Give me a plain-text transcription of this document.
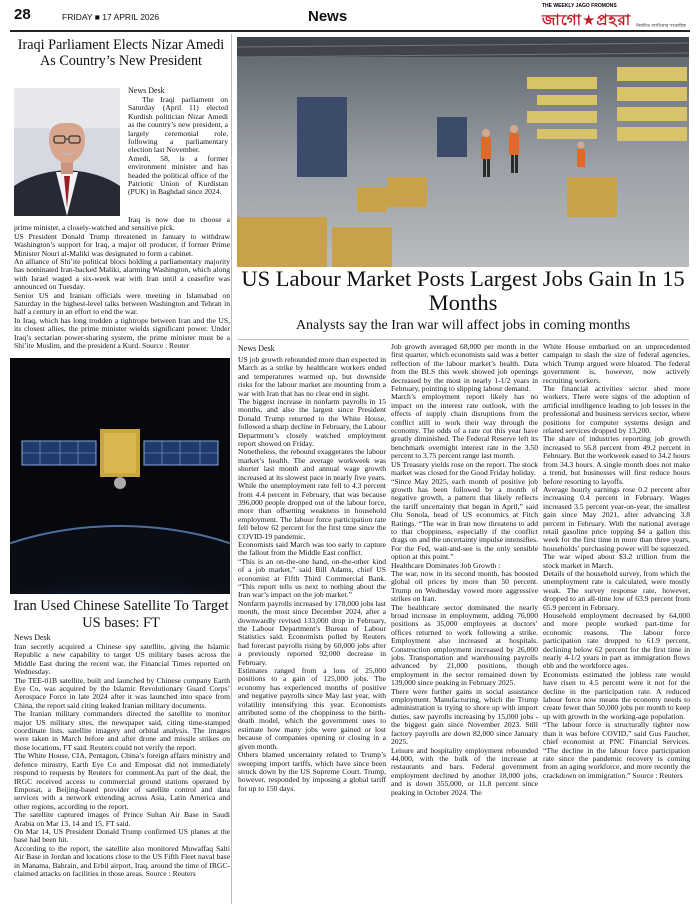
28	FRIDAY ■ 17 APRIL 2026	News
THE WEEKLY JAGO FROMONS
জাগো★প্রহরা নিয়মিত জাতিয়ার সাপ্তাহিক
Iraqi Parliament Elects Nizar Amedi As Country’s New President
News Desk

The Iraqi parliament on Saturday (April 11) elected Kurdish politician Nizar Amedi as the country’s new president, a largely ceremonial role, following a parliamentary election last November.

Amedi, 58, is a former environment minister and has headed the political office of the Patriotic Union of Kurdistan (PUK) in Baghdad since 2024.

Iraq is now due to choose a prime minister, a closely-watched and sensitive pick.

US President Donald Trump threatened in January to withdraw Washington’s support for Iraq, a major oil producer, if former Prime Minister Nouri al-Maliki was designated to form a cabinet.

An alliance of Shi’ite political blocs holding a parliamentary majority has nominated Iran-backed Maliki, alarming Washington, which along with Israel waged a six-week war with Iran until a ceasefire was announced on Tuesday.

Senior US and Iranian officials were meeting in Islamabad on Saturday in the highest-level talks between Washington and Tehran in half a century in an effort to end the war.

In Iraq, which has long trodden a tightrope between Iran and the US, its closest allies, the prime minister wields significant power. Under Iraq’s sectarian power-sharing system, the prime minister must be a Shi’ite Muslim, and the president a Kurd. Source : Reuter

Iran Used Chinese Satellite To Target US bases: FT
News Desk

Iran secretly acquired a Chinese spy satellite, giving the Islamic Republic a new capability to target US military bases across the Middle East during the recent war, the Financial Times reported on Wednesday.

The TEE-01B satellite, built and launched by Chinese company Earth Eye Co, was acquired by the Islamic Revolutionary Guard Corps’ Aerospace Force in late 2024 after it was launched into space from China, the report said citing leaked Iranian military documents.

The Iranian military commanders directed the satellite to monitor major US military sites, the newspaper said, citing time-stamped coordinate lists, satellite imagery and orbital analysis. The images were taken in March before and after drone and missile strikes on those locations, FT said. Reuters could not verify the report.

The White House, CIA, Pentagon, China’s foreign affairs ministry and defence ministry, Earth Eye Co and Emposat did not immediately respond to requests by Reuters for comment.As part of the deal, the IRGC received access to commercial ground stations operated by Emposat, a Beijing-based provider of satellite control and data services with a network extending across Asia, Latin America and other regions, according to the report.

The satellite captured images of Prince Sultan Air Base in Saudi Arabia on Mar 13, 14 and 15, FT said.

On Mar 14, US President Donald Trump confirmed US planes at the base had been hit.

According to the report, the satellite also monitored Muwaffaq Salti Air Base in Jordan and locations close to the US Fifth Fleet naval base in Manama, Bahrain, and Erbil airport, Iraq, around the time of IRGC-claimed attacks on facilities in those areas. Source : Reuters

US Labour Market Posts Largest Jobs Gain In 15 Months
Analysts say the Iran war will affect jobs in coming months
News Desk

US job growth rebounded more than expected in March as a strike by healthcare workers ended and temperatures warmed up, but downside risks for the labour market are mounting from a war with Iran that has no clear end in sight.

The biggest increase in nonfarm payrolls in 15 months, and also the largest since President Donald Trump returned to the White House, followed a sharp decline in February, the Labour Department’s closely watched employment report showed on Friday.

Nonetheless, the rebound exaggerates the labour market’s health. The average workweek was shorter last month and annual wage growth increased at its slowest pace in nearly five years.

While the unemployment rate fell to 4.3 percent from 4.4 percent in February, that was because 396,000 people dropped out of the labour force, more than offsetting weakness in household employment. The labour force participation rate fell below 62 percent for the first time since the COVID-19 pandemic.

Economists said March was too early to capture the fallout from the Middle East conflict.

“This is an on-the-one hand, on-the-other kind of a job market,” said Bill Adams, chief US economist at Fifth Third Commercial Bank. “This report tells us next to nothing about the Iran war’s impact on the job market.”

Nonfarm payrolls increased by 178,000 jobs last month, the most since December 2024, after a downwardly revised 133,000 drop in February, the Labour Department’s Bureau of Labour Statistics said. Economists polled by Reuters had forecast payrolls rising by 60,000 jobs after a previously reported 92,000 decrease in February.

Estimates ranged from a loss of 25,000 positions to a gain of 125,000 jobs. The economy has experienced months of positive and negative payrolls since May last year, with volatility intensifying this year. Economists attributed some of the choppiness to the birth-death model, which the government uses to estimate how many jobs were gained or lost because of companies opening or closing in a given month.

Others blamed uncertainty related to Trump’s sweeping import tariffs, which have since been struck down by the US Supreme Court. Trump, however, responded by imposing a global tariff for up to 150 days.

Job growth averaged 68,000 per month in the first quarter, which economists said was a better reflection of the labour market’s health. Data from the BLS this week showed job openings decreased by the most in nearly 1-1/2 years in February, pointing to slipping labour demand.

March’s employment report likely has no impact on the interest rate outlook, with the effects of supply chain disruptions from the conflict still to work their way through the economy. The odds of a rate cut this year have greatly diminished. The Federal Reserve left its benchmark overnight interest rate in the 3.50 percent to 3.75 percent range last month.

US Treasury yields rose on the report. The stock market was closed for the Good Friday holiday.

“Since May 2025, each month of positive job growth has been followed by a month of negative growth, a pattern that likely reflects the tariff uncertainty that began in April,” said Olu Sonola, head of US economics at Fitch Ratings. “The war in Iran now threatens to add to that choppiness, especially if the conflict drags on and the uncertainty impulse intensifies. For the Fed, wait-and-see is the only sensible option at this point.”

Healthcare Dominates Job Growth :

The war, now in its second month, has boosted global oil prices by more than 50 percent. Trump on Wednesday vowed more aggressive strikes on Iran.

The healthcare sector dominated the nearly broad increase in employment, adding 76,000 positions as 35,000 employees at doctors’ offices returned to work following a strike. Employment also increased at hospitals. Construction employment increased by 26,000 jobs. Transportation and warehousing payrolls advanced by 21,000 positions, though employment in the sector remained down by 139,000 since peaking in February 2025.

There were further gains in social assistance employment. Manufacturing, which the Trump administration is trying to shore up with import duties, saw payrolls increasing by 15,000 jobs - the biggest gain since November 2023. Still factory payrolls are down 82,000 since January 2025.

Leisure and hospitality employment rebounded 44,000, with the bulk of the increase at restaurants and bars. Federal government employment declined by another 18,000 jobs, and is down 355,000, or 11.8 percent since peaking in October 2024. The

White House embarked on an unprecedented campaign to slash the size of federal agencies, which Trump argued were bloated. The federal government is, however, now actively recruiting workers.

The financial activities sector shed more workers. There were signs of the adoption of artificial intelligence leading to job losses in the professional and business services sector, where positions for computer systems design and related services dropped by 13,200.

The share of industries reporting job growth increased to 56.8 percent from 49.2 percent in February. But the workweek eased to 34.2 hours from 34.3 hours. A single month does not make a trend, but businesses will first reduce hours before resorting to layoffs.

Average hourly earnings rose 0.2 percent after increasing 0.4 percent in February. Wages increased 3.5 percent year-on-year, the smallest gain since May 2021, after advancing 3.8 percent in February. With the national average retail gasoline price topping $4 a gallon this week for the first time in more than three years, households’ purchasing power will be squeezed. The war wiped about $3.2 trillion from the stock market in March.

Details of the household survey, from which the unemployment rate is calculated, were mostly weak. The survey response rate, however, dropped to an all-time low of 63.9 percent from 65.9 percent in February.

Household employment decreased by 64,000 and more people worked part-time for economic reasons. The labour force participation rate dropped to 61.9 percent, declining below 62 percent for the first time in nearly 4-1/2 years in part as immigration flows ebb and the workforce ages.

Economists estimated the jobless rate would have risen to 4.5 percent were it not for the decline in the participation rate. A reduced labour force now means the economy needs to create fewer than 50,000 jobs per month to keep up with growth in the working-age population.

“The labour force is structurally tighter now than it was before COVID,” said Gus Faucher, chief economist at PNC Financial Services. “The decline in the labour force participation rate since the pandemic recovery is coming from an aging workforce, and more recently the crackdown on immigration.” Source : Reuters
